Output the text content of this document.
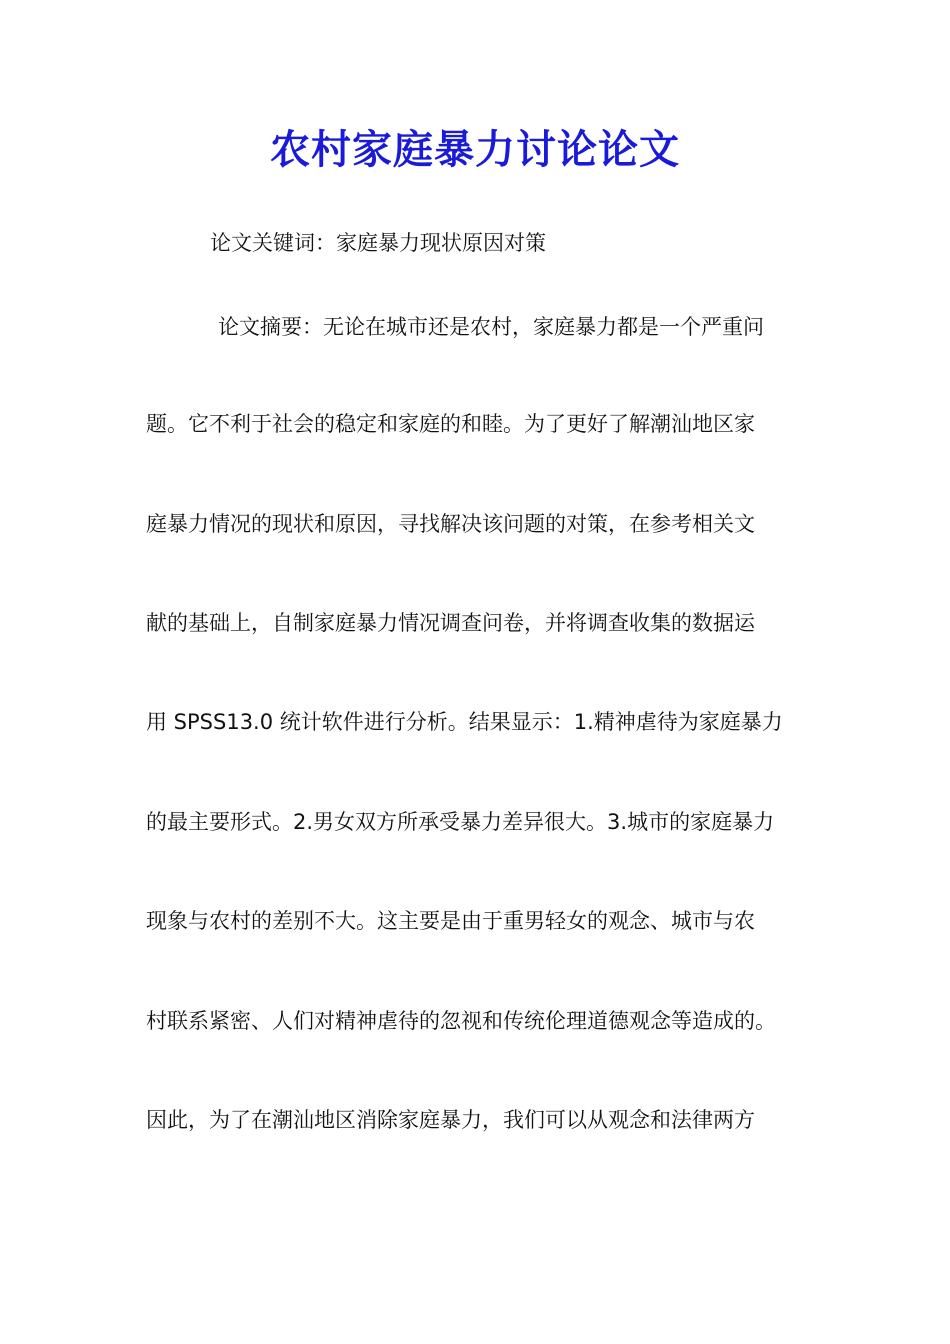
农村家庭暴力讨论论文
论文关键词：家庭暴力现状原因对策
论文摘要：无论在城市还是农村，家庭暴力都是一个严重问
题。它不利于社会的稳定和家庭的和睦。为了更好了解潮汕地区家
庭暴力情况的现状和原因，寻找解决该问题的对策，在参考相关文
献的基础上，自制家庭暴力情况调查问卷，并将调查收集的数据运
用 SPSS13.0 统计软件进行分析。结果显示：1.精神虐待为家庭暴力
的最主要形式。2.男女双方所承受暴力差异很大。3.城市的家庭暴力
现象与农村的差别不大。这主要是由于重男轻女的观念、城市与农
村联系紧密、人们对精神虐待的忽视和传统伦理道德观念等造成的。
因此，为了在潮汕地区消除家庭暴力，我们可以从观念和法律两方
